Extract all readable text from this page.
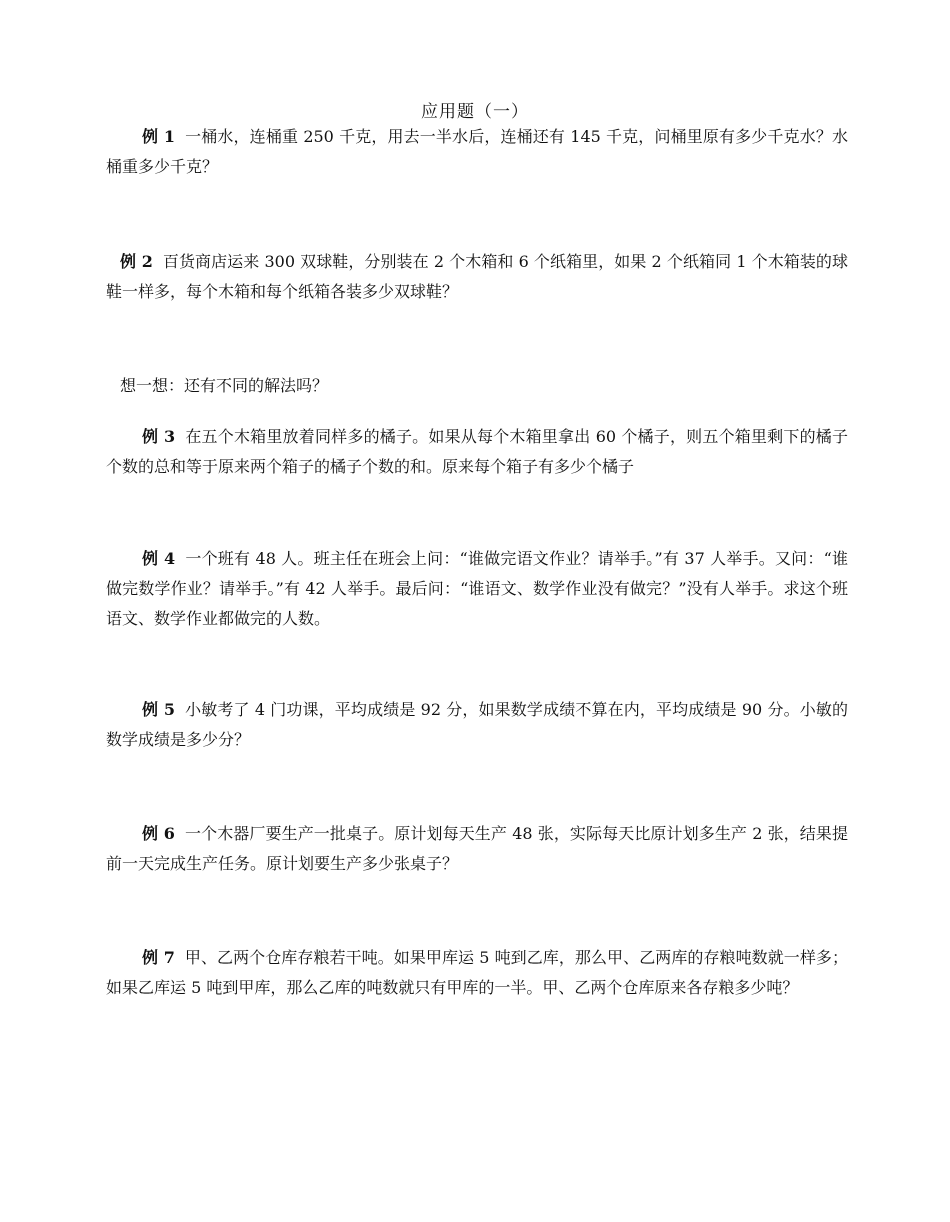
应用题（一）
例 1 一桶水，连桶重 250 千克，用去一半水后，连桶还有 145 千克，问桶里原有多少千克水？水桶重多少千克？
例 2 百货商店运来 300 双球鞋，分别装在 2 个木箱和 6 个纸箱里，如果 2 个纸箱同 1 个木箱装的球鞋一样多，每个木箱和每个纸箱各装多少双球鞋？
想一想：还有不同的解法吗？
例 3 在五个木箱里放着同样多的橘子。如果从每个木箱里拿出 60 个橘子，则五个箱里剩下的橘子个数的总和等于原来两个箱子的橘子个数的和。原来每个箱子有多少个橘子
例 4 一个班有 48 人。班主任在班会上问：“谁做完语文作业？请举手。”有 37 人举手。又问：“谁做完数学作业？请举手。”有 42 人举手。最后问：“谁语文、数学作业没有做完？”没有人举手。求这个班语文、数学作业都做完的人数。
例 5 小敏考了 4 门功课，平均成绩是 92 分，如果数学成绩不算在内，平均成绩是 90 分。小敏的数学成绩是多少分？
例 6 一个木器厂要生产一批桌子。原计划每天生产 48 张，实际每天比原计划多生产 2 张，结果提前一天完成生产任务。原计划要生产多少张桌子？
例 7 甲、乙两个仓库存粮若干吨。如果甲库运 5 吨到乙库，那么甲、乙两库的存粮吨数就一样多；如果乙库运 5 吨到甲库，那么乙库的吨数就只有甲库的一半。甲、乙两个仓库原来各存粮多少吨？
